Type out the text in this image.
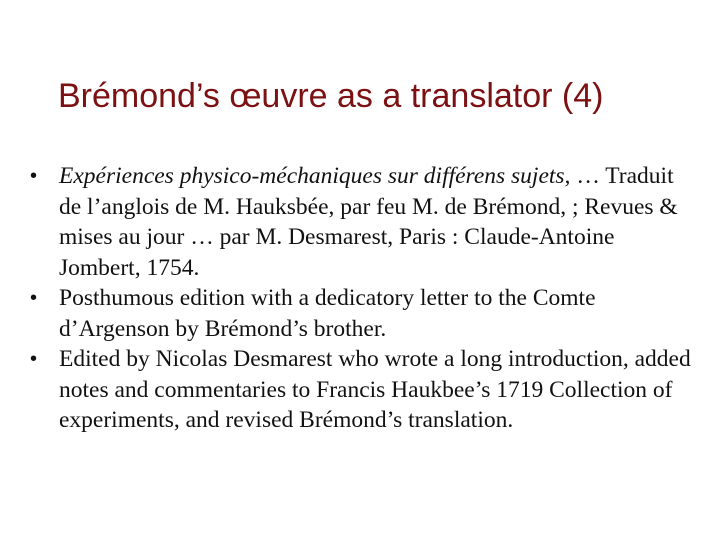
Brémond’s œuvre as a translator (4)
• Expériences physico-méchaniques sur différens sujets, … Traduit de l’anglois de M. Hauksbée, par feu M. de Brémond, ; Revues & mises au jour … par M. Desmarest, Paris : Claude-Antoine Jombert, 1754.
• Posthumous edition with a dedicatory letter to the Comte d’Argenson by Brémond’s brother.
• Edited by Nicolas Desmarest who wrote a long introduction, added notes and commentaries to Francis Haukbee’s 1719 Collection of experiments, and revised Brémond’s translation.
